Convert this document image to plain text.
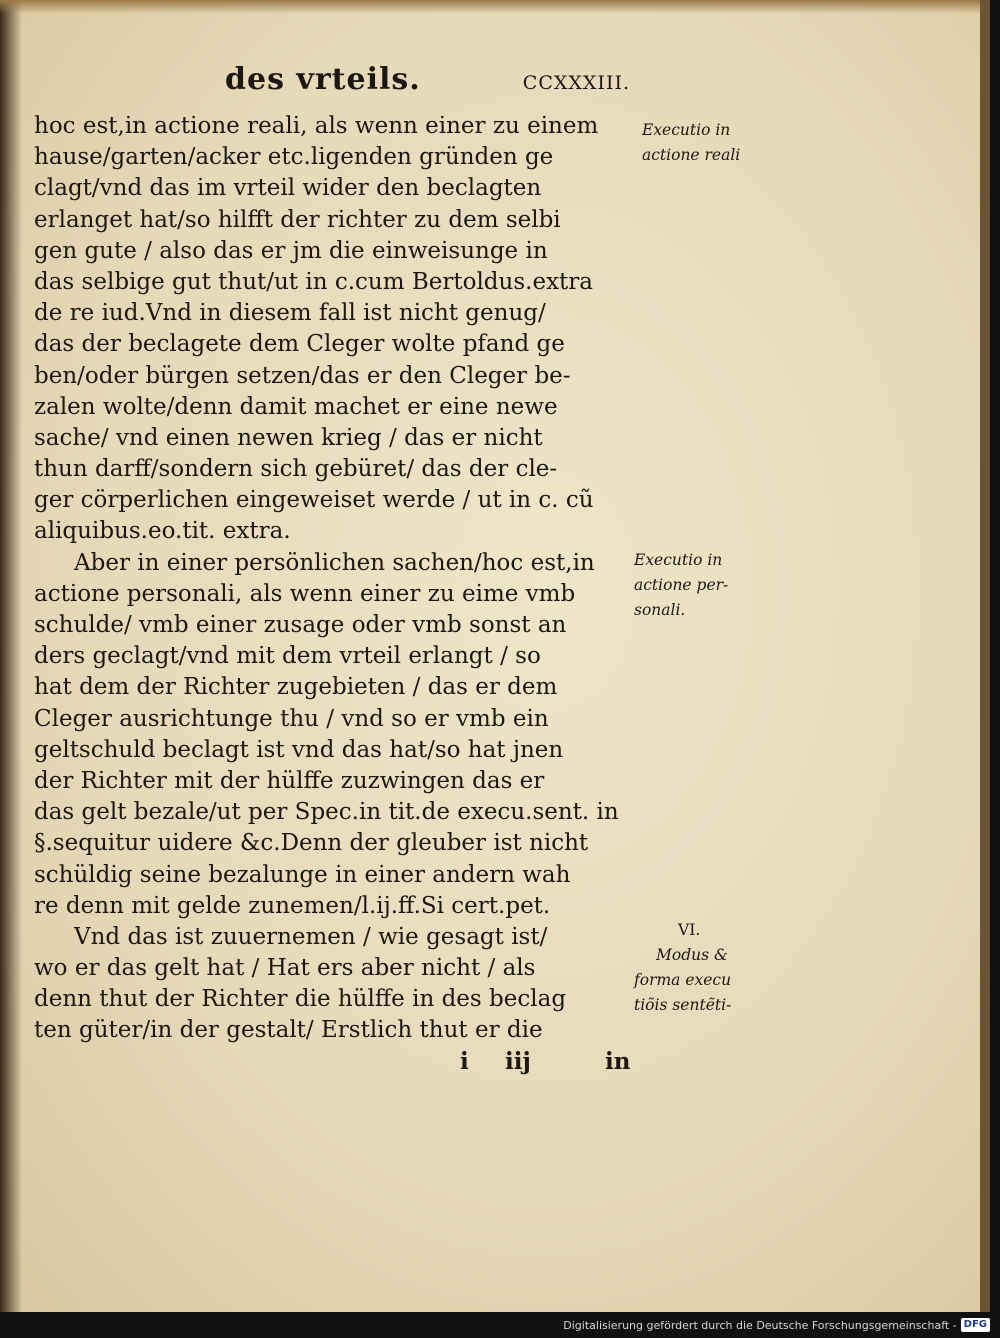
des vrteils.	CCXXXIII.
hoc est,in actione reali, als wenn einer zu einem
hause/garten/acker etc.ligenden gründen ge
clagt/vnd das im vrteil wider den beclagten
erlanget hat/so hilfft der richter zu dem selbi
gen gute / also das er jm die einweisunge in
das selbige gut thut/ut in c.cum Bertoldus.extra
de re iud.Vnd in diesem fall ist nicht genug/
das der beclagete dem Cleger wolte pfand ge
ben/oder bürgen setzen/das er den Cleger be-
zalen wolte/denn damit machet er eine newe
sache/ vnd einen newen krieg / das er nicht
thun darff/sondern sich gebüret/ das der cle-
ger cörperlichen eingeweiset werde / ut in c. cũ
aliquibus.eo.tit. extra.
Aber in einer persönlichen sachen/hoc est,in
actione personali, als wenn einer zu eime vmb
schulde/ vmb einer zusage oder vmb sonst an
ders geclagt/vnd mit dem vrteil erlangt / so
hat dem der Richter zugebieten / das er dem
Cleger ausrichtunge thu / vnd so er vmb ein
geltschuld beclagt ist vnd das hat/so hat jnen
der Richter mit der hülffe zuzwingen das er
das gelt bezale/ut per Spec.in tit.de execu.sent. in
§.sequitur uidere &c.Denn der gleuber ist nicht
schüldig seine bezalunge in einer andern wah
re denn mit gelde zunemen/l.ij.ff.Si cert.pet.
Vnd das ist zuuernemen / wie gesagt ist/
wo er das gelt hat / Hat ers aber nicht / als
denn thut der Richter die hülffe in des beclag
ten güter/in der gestalt/ Erstlich thut er die
Executio in
actione reali
Executio in
actione per-
sonali.
VI.
Modus &
forma execu
tiõis sentẽti-
i iij	in
Digitalisierung gefördert durch die Deutsche Forschungsgemeinschaft - DFG
